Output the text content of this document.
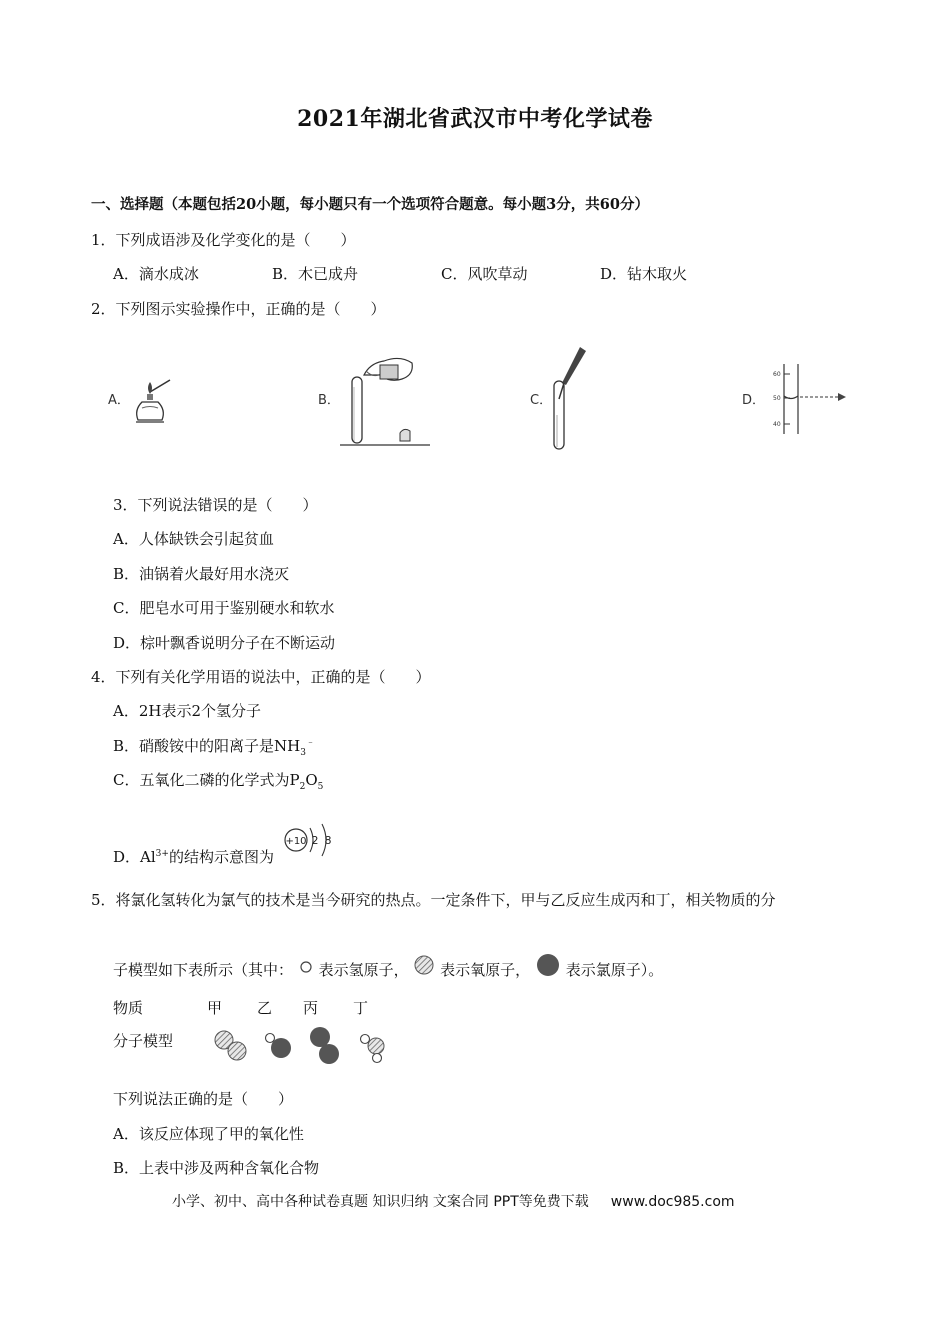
2021年湖北省武汉市中考化学试卷
一、选择题（本题包括20小题，每小题只有一个选项符合题意。每小题3分，共60分）
1．下列成语涉及化学变化的是（　　）
A．滴水成冰	B．木已成舟	C．风吹草动	D．钻木取火
2．下列图示实验操作中，正确的是（　　）
A．	B．	C．	D．
60
50
40
3．下列说法错误的是（　　）
A．人体缺铁会引起贫血
B．油锅着火最好用水浇灭
C．肥皂水可用于鉴别硬水和软水
D．棕叶飘香说明分子在不断运动
4．下列有关化学用语的说法中，正确的是（　　）
A．2H表示2个氢分子
B．硝酸铵中的阳离子是$NH_3^﹣$
C．五氧化二磷的化学式为$P_2O_5$
D．$Al^{3+}$的结构示意图为
+10 2 8
5．将氯化氢转化为氯气的技术是当今研究的热点。一定条件下，甲与乙反应生成丙和丁，相关物质的分
子模型如下表所示（其中： 表示氢原子， 表示氧原子， 表示氯原子）。
物质	甲 乙 丙 丁
分子模型
下列说法正确的是（　　）
A．该反应体现了甲的氧化性
B．上表中涉及两种含氧化合物
小学、初中、高中各种试卷真题 知识归纳 文案合同 PPT等免费下载 www.doc985.com
